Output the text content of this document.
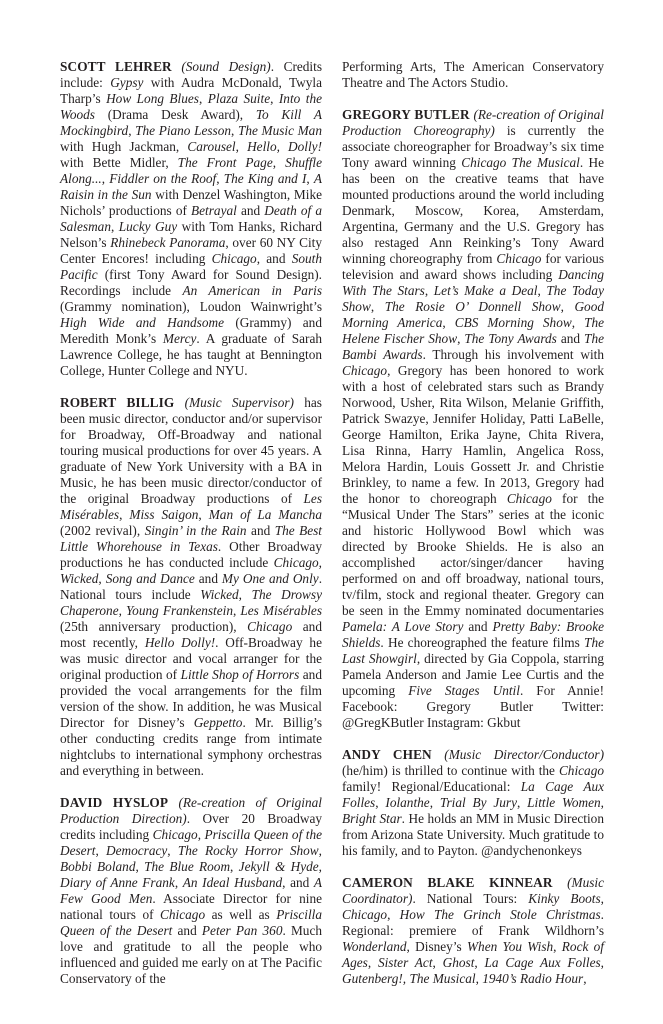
SCOTT LEHRER (Sound Design). Credits include: Gypsy with Audra McDonald, Twyla Tharp’s How Long Blues, Plaza Suite, Into the Woods (Drama Desk Award), To Kill A Mockingbird, The Piano Lesson, The Music Man with Hugh Jackman, Carousel, Hello, Dolly! with Bette Midler, The Front Page, Shuffle Along..., Fiddler on the Roof, The King and I, A Raisin in the Sun with Denzel Washington, Mike Nichols’ productions of Betrayal and Death of a Salesman, Lucky Guy with Tom Hanks, Richard Nelson’s Rhinebeck Panorama, over 60 NY City Center Encores! including Chicago, and South Pacific (first Tony Award for Sound Design). Recordings include An American in Paris (Grammy nomination), Loudon Wainwright’s High Wide and Handsome (Grammy) and Meredith Monk’s Mercy. A graduate of Sarah Lawrence College, he has taught at Bennington College, Hunter College and NYU.

ROBERT BILLIG (Music Supervisor) has been music director, conductor and/or supervisor for Broadway, Off-Broadway and national touring musical productions for over 45 years. A graduate of New York University with a BA in Music, he has been music director/conductor of the original Broadway productions of Les Misérables, Miss Saigon, Man of La Mancha (2002 revival), Singin’ in the Rain and The Best Little Whorehouse in Texas. Other Broadway productions he has conducted include Chicago, Wicked, Song and Dance and My One and Only. National tours include Wicked, The Drowsy Chaperone, Young Frankenstein, Les Misérables (25th anniversary production), Chicago and most recently, Hello Dolly!. Off-Broadway he was music director and vocal arranger for the original production of Little Shop of Horrors and provided the vocal arrangements for the film version of the show. In addition, he was Musical Director for Disney’s Geppetto. Mr. Billig’s other conducting credits range from intimate nightclubs to international symphony orchestras and everything in between.

DAVID HYSLOP (Re-creation of Original Production Direction). Over 20 Broadway credits including Chicago, Priscilla Queen of the Desert, Democracy, The Rocky Horror Show, Bobbi Boland, The Blue Room, Jekyll & Hyde, Diary of Anne Frank, An Ideal Husband, and A Few Good Men. Associate Director for nine national tours of Chicago as well as Priscilla Queen of the Desert and Peter Pan 360. Much love and gratitude to all the people who influenced and guided me early on at The Pacific Conservatory of the

Performing Arts, The American Conservatory Theatre and The Actors Studio.

GREGORY BUTLER (Re-creation of Original Production Choreography) is currently the associate choreographer for Broadway’s six time Tony award winning Chicago The Musical. He has been on the creative teams that have mounted productions around the world including Denmark, Moscow, Korea, Amsterdam, Argentina, Germany and the U.S. Gregory has also restaged Ann Reinking’s Tony Award winning choreography from Chicago for various television and award shows including Dancing With The Stars, Let’s Make a Deal, The Today Show, The Rosie O’ Donnell Show, Good Morning America, CBS Morning Show, The Helene Fischer Show, The Tony Awards and The Bambi Awards. Through his involvement with Chicago, Gregory has been honored to work with a host of celebrated stars such as Brandy Norwood, Usher, Rita Wilson, Melanie Griffith, Patrick Swazye, Jennifer Holiday, Patti LaBelle, George Hamilton, Erika Jayne, Chita Rivera, Lisa Rinna, Harry Hamlin, Angelica Ross, Melora Hardin, Louis Gossett Jr. and Christie Brinkley, to name a few. In 2013, Gregory had the honor to choreograph Chicago for the “Musical Under The Stars” series at the iconic and historic Hollywood Bowl which was directed by Brooke Shields. He is also an accomplished actor/singer/dancer having performed on and off broadway, national tours, tv/film, stock and regional theater. Gregory can be seen in the Emmy nominated documentaries Pamela: A Love Story and Pretty Baby: Brooke Shields. He choreographed the feature films The Last Showgirl, directed by Gia Coppola, starring Pamela Anderson and Jamie Lee Curtis and the upcoming Five Stages Until. For Annie! Facebook: Gregory Butler Twitter: @GregKButler Instagram: Gkbut

ANDY CHEN (Music Director/Conductor) (he/him) is thrilled to continue with the Chicago family! Regional/Educational: La Cage Aux Folles, Iolanthe, Trial By Jury, Little Women, Bright Star. He holds an MM in Music Direction from Arizona State University. Much gratitude to his family, and to Payton. @andychenonkeys

CAMERON BLAKE KINNEAR (Music Coordinator). National Tours: Kinky Boots, Chicago, How The Grinch Stole Christmas. Regional: premiere of Frank Wildhorn’s Wonderland, Disney’s When You Wish, Rock of Ages, Sister Act, Ghost, La Cage Aux Folles, Gutenberg!, The Musical, 1940’s Radio Hour,
